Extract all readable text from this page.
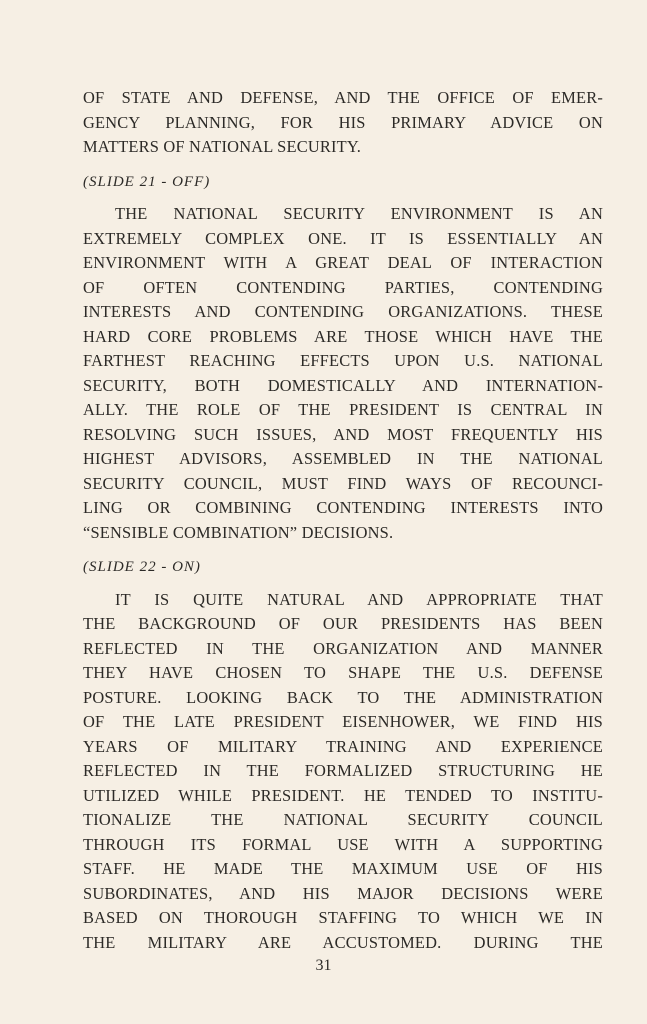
OF STATE AND DEFENSE, AND THE OFFICE OF EMER-
GENCY PLANNING, FOR HIS PRIMARY ADVICE ON
MATTERS OF NATIONAL SECURITY.
(SLIDE 21 - OFF)
THE NATIONAL SECURITY ENVIRONMENT IS AN
EXTREMELY COMPLEX ONE. IT IS ESSENTIALLY AN
ENVIRONMENT WITH A GREAT DEAL OF INTERACTION
OF OFTEN CONTENDING PARTIES, CONTENDING
INTERESTS AND CONTENDING ORGANIZATIONS. THESE
HARD CORE PROBLEMS ARE THOSE WHICH HAVE THE
FARTHEST REACHING EFFECTS UPON U.S. NATIONAL
SECURITY, BOTH DOMESTICALLY AND INTERNATION-
ALLY. THE ROLE OF THE PRESIDENT IS CENTRAL IN
RESOLVING SUCH ISSUES, AND MOST FREQUENTLY HIS
HIGHEST ADVISORS, ASSEMBLED IN THE NATIONAL
SECURITY COUNCIL, MUST FIND WAYS OF RECOUNCI-
LING OR COMBINING CONTENDING INTERESTS INTO
“SENSIBLE COMBINATION” DECISIONS.
(SLIDE 22 - ON)
IT IS QUITE NATURAL AND APPROPRIATE THAT
THE BACKGROUND OF OUR PRESIDENTS HAS BEEN
REFLECTED IN THE ORGANIZATION AND MANNER
THEY HAVE CHOSEN TO SHAPE THE U.S. DEFENSE
POSTURE. LOOKING BACK TO THE ADMINISTRATION
OF THE LATE PRESIDENT EISENHOWER, WE FIND HIS
YEARS OF MILITARY TRAINING AND EXPERIENCE
REFLECTED IN THE FORMALIZED STRUCTURING HE
UTILIZED WHILE PRESIDENT. HE TENDED TO INSTITU-
TIONALIZE THE NATIONAL SECURITY COUNCIL
THROUGH ITS FORMAL USE WITH A SUPPORTING
STAFF. HE MADE THE MAXIMUM USE OF HIS
SUBORDINATES, AND HIS MAJOR DECISIONS WERE
BASED ON THOROUGH STAFFING TO WHICH WE IN
THE MILITARY ARE ACCUSTOMED. DURING THE
31
